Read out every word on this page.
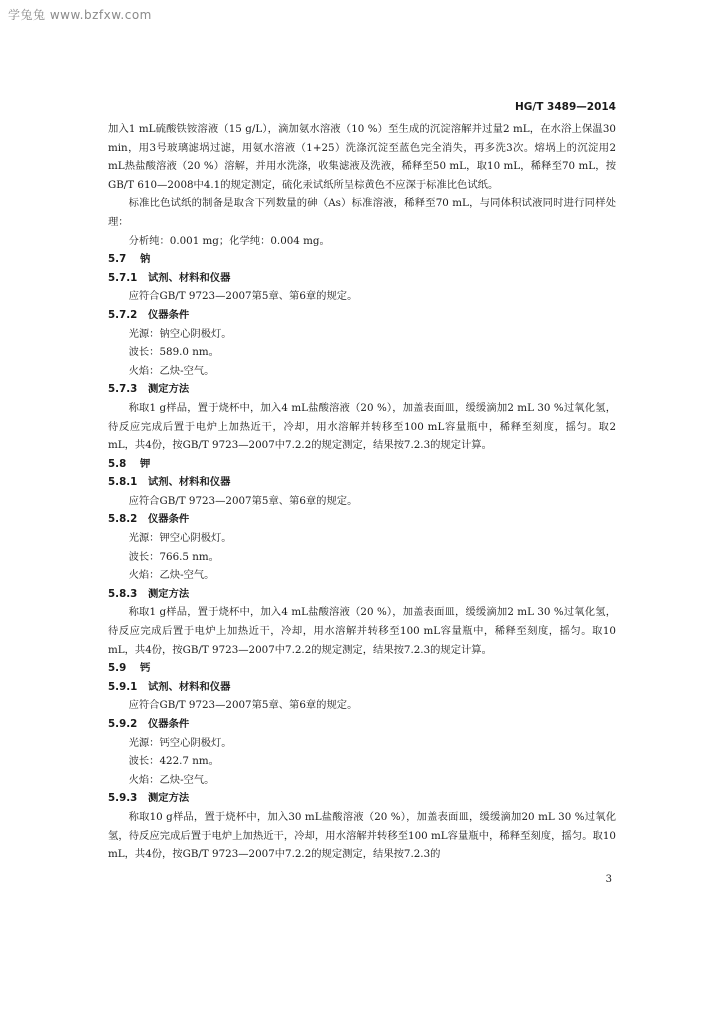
学兔兔 www.bzfxw.com
HG/T 3489—2014

加入1 mL硫酸铁铵溶液（15 g/L），滴加氨水溶液（10 %）至生成的沉淀溶解并过量2 mL，在水浴上保温30 min，用3号玻璃滤埚过滤，用氨水溶液（1+25）洗涤沉淀至蓝色完全消失，再多洗3次。熔埚上的沉淀用2 mL热盐酸溶液（20 %）溶解，并用水洗涤，收集滤液及洗液，稀释至50 mL，取10 mL，稀释至70 mL，按GB/T 610—2008中4.1的规定测定，硫化汞试纸所呈棕黄色不应深于标准比色试纸。

标准比色试纸的制备是取含下列数量的砷（As）标准溶液，稀释至70 mL，与同体积试液同时进行同样处理：

分析纯：0.001 mg；化学纯：0.004 mg。

5.7 钠

5.7.1 试剂、材料和仪器

应符合GB/T 9723—2007第5章、第6章的规定。

5.7.2 仪器条件

光源：钠空心阴极灯。

波长：589.0 nm。

火焰：乙炔-空气。

5.7.3 测定方法

称取1 g样品，置于烧杯中，加入4 mL盐酸溶液（20 %），加盖表面皿，缓缓滴加2 mL 30 %过氧化氢，待反应完成后置于电炉上加热近干，冷却，用水溶解并转移至100 mL容量瓶中，稀释至刻度，摇匀。取2 mL，共4份，按GB/T 9723—2007中7.2.2的规定测定，结果按7.2.3的规定计算。

5.8 钾

5.8.1 试剂、材料和仪器

应符合GB/T 9723—2007第5章、第6章的规定。

5.8.2 仪器条件

光源：钾空心阴极灯。

波长：766.5 nm。

火焰：乙炔-空气。

5.8.3 测定方法

称取1 g样品，置于烧杯中，加入4 mL盐酸溶液（20 %），加盖表面皿，缓缓滴加2 mL 30 %过氧化氢，待反应完成后置于电炉上加热近干，冷却，用水溶解并转移至100 mL容量瓶中，稀释至刻度，摇匀。取10 mL，共4份，按GB/T 9723—2007中7.2.2的规定测定，结果按7.2.3的规定计算。

5.9 钙

5.9.1 试剂、材料和仪器

应符合GB/T 9723—2007第5章、第6章的规定。

5.9.2 仪器条件

光源：钙空心阴极灯。

波长：422.7 nm。

火焰：乙炔-空气。

5.9.3 测定方法

称取10 g样品，置于烧杯中，加入30 mL盐酸溶液（20 %），加盖表面皿，缓缓滴加20 mL 30 %过氧化氢，待反应完成后置于电炉上加热近干，冷却，用水溶解并转移至100 mL容量瓶中，稀释至刻度，摇匀。取10 mL，共4份，按GB/T 9723—2007中7.2.2的规定测定，结果按7.2.3的

3
